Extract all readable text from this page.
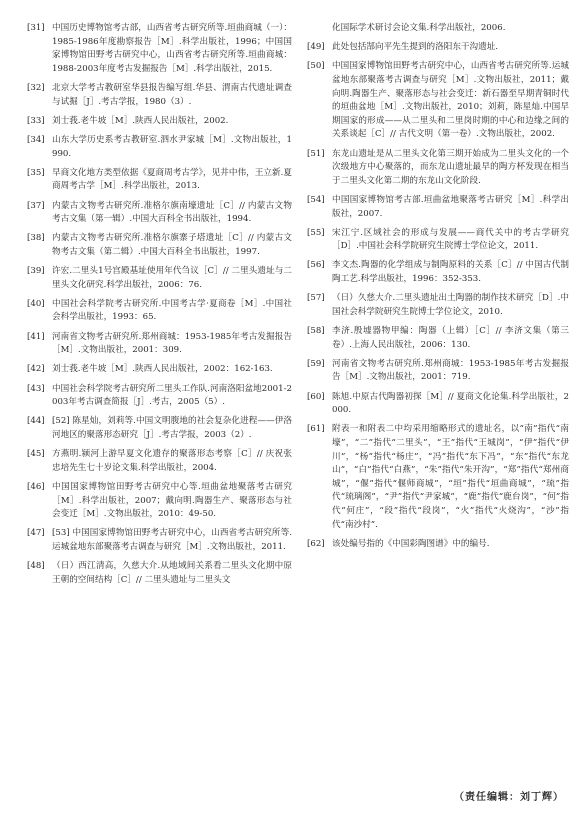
[31] 中国历史博物馆考古部，山西省考古研究所等.垣曲商城（一）：1985-1986年度勘察报告［M］.科学出版社，1996；中国国家博物馆田野考古研究中心，山西省考古研究所等.垣曲商城：1988-2003年度考古发掘报告［M］.科学出版社，2015.
[32] 北京大学考古教研室华县报告编写组.华县、渭南古代遗址调查与试掘［J］.考古学报，1980（3）.
[33] 刘士莪.老牛坡［M］.陕西人民出版社，2002.
[34] 山东大学历史系考古教研室.泗水尹家城［M］.文物出版社，1990.
[35] 早商文化地方类型依据《夏商周考古学》，见井中伟，王立新.夏商周考古学［M］.科学出版社，2013.
[37] 内蒙古文物考古研究所.准格尔旗南壕遗址［C］// 内蒙古文物考古文集（第一辑）.中国大百科全书出版社，1994.
[38] 内蒙古文物考古研究所.准格尔旗寨子塔遗址［C］// 内蒙古文物考古文集（第二辑）.中国大百科全书出版社，1997.
[39] 许宏.二里头1号宫殿基址使用年代刍议［C］// 二里头遗址与二里头文化研究.科学出版社，2006：76.
[40] 中国社会科学院考古研究所.中国考古学·夏商卷［M］.中国社会科学出版社，1993：65.
[41] 河南省文物考古研究所.郑州商城：1953-1985年考古发掘报告［M］.文物出版社，2001：309.
[42] 刘士莪.老牛坡［M］.陕西人民出版社，2002：162-163.
[43] 中国社会科学院考古研究所二里头工作队.河南洛阳盆地2001-2003年考古调查简报［J］.考古，2005（5）.
[44] [52] 陈星灿，刘莉等.中国文明腹地的社会复杂化进程——伊洛河地区的聚落形态研究［J］.考古学报，2003（2）.
[45] 方燕明.颍河上游早夏文化遗存的聚落形态考察［C］// 庆祝张忠培先生七十岁论文集.科学出版社，2004.
[46] 中国国家博物馆田野考古研究中心等.垣曲盆地聚落考古研究［M］.科学出版社，2007；戴向明.陶器生产、聚落形态与社会变迁［M］.文物出版社，2010：49-50.
[47] [53] 中国国家博物馆田野考古研究中心，山西省考古研究所等.运城盆地东部聚落考古调查与研究［M］.文物出版社，2011.
[48] （日）西江清高，久慈大介.从地域间关系看二里头文化期中原王朝的空间结构［C］// 二里头遗址与二里头文
化国际学术研讨会论文集.科学出版社，2006.
[49] 此处包括郜向平先生提到的洛阳东干沟遗址.
[50] 中国国家博物馆田野考古研究中心，山西省考古研究所等.运城盆地东部聚落考古调查与研究［M］.文物出版社，2011；戴向明.陶器生产、聚落形态与社会变迁：新石器至早期青铜时代的垣曲盆地［M］.文物出版社，2010；刘莉，陈星灿.中国早期国家的形成——从二里头和二里岗时期的中心和边缘之间的关系谈起［C］// 古代文明（第一卷）.文物出版社，2002.
[51] 东龙山遗址是从二里头文化第三期开始成为二里头文化的一个次级地方中心聚落的，而东龙山遗址最早的陶方杯发现在相当于二里头文化第二期的东龙山文化阶段.
[54] 中国国家博物馆考古部.垣曲盆地聚落考古研究［M］.科学出版社，2007.
[55] 宋江宁.区域社会的形成与发展——商代关中的考古学研究［D］.中国社会科学院研究生院博士学位论文，2011.
[56] 李文杰.陶器的化学组成与制陶原料的关系［C］// 中国古代制陶工艺.科学出版社，1996：352-353.
[57] （日）久慈大介.二里头遗址出土陶器的制作技术研究［D］.中国社会科学院研究生院博士学位论文，2010.
[58] 李济.殷墟器物甲编：陶器（上辑）［C］// 李济文集（第三卷）.上海人民出版社，2006：130.
[59] 河南省文物考古研究所.郑州商城：1953-1985年考古发掘报告［M］.文物出版社，2001：719.
[60] 陈旭.中原古代陶器初探［M］// 夏商文化论集.科学出版社，2000.
[61] 附表一和附表二中均采用缩略形式的遗址名，以“南”指代“南壕”，“二”指代“二里头”，“王”指代“王城岗”，“伊”指代“伊川”，“杨”指代“杨庄”，“冯”指代“东下冯”，“东”指代“东龙山”，“白”指代“白燕”，“朱”指代“朱开沟”，“郑”指代“郑州商城”，“偃”指代“偃师商城”，“垣”指代“垣曲商城”，“琉”指代“琉璃阁”，“尹”指代“尹家城”，“鹿”指代“鹿台岗”，“何”指代“何庄”，“段”指代“段岗”，“火”指代“火烧沟”，“沙”指代“南沙村”.
[62] 该处编号指的《中国彩陶图谱》中的编号.
（责任编辑：刘丁辉）
